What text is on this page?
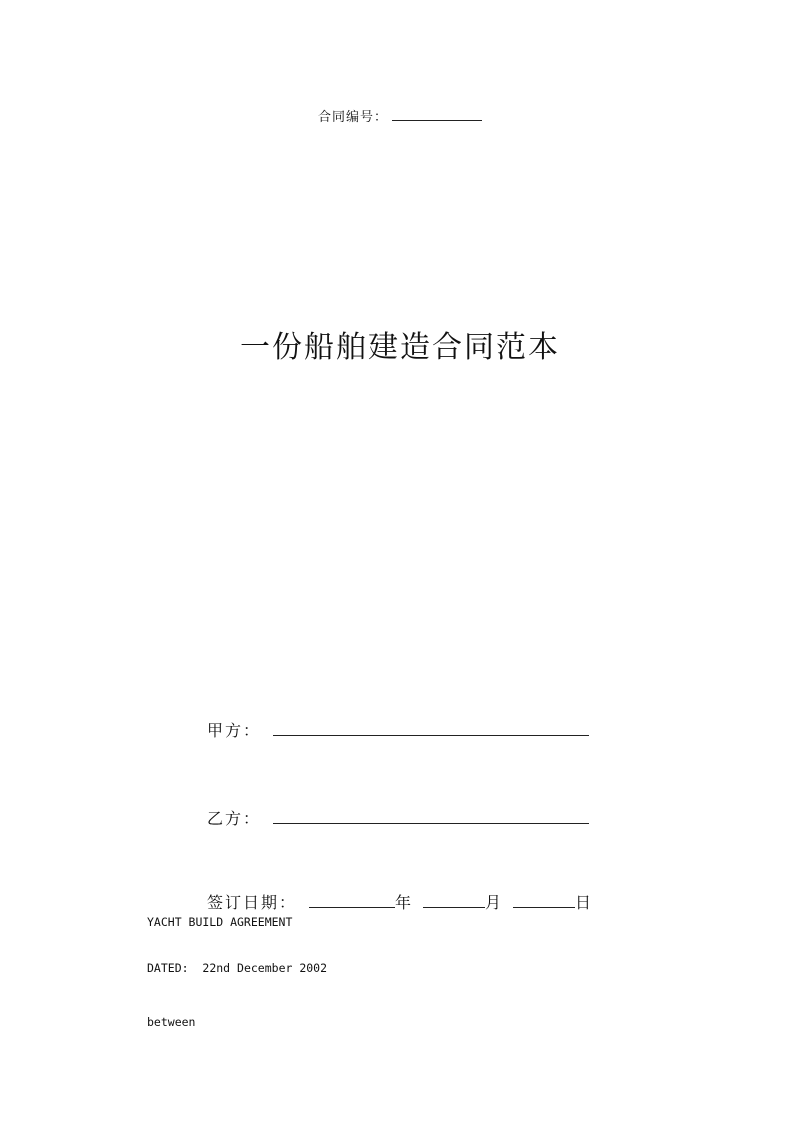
合同编号：
一份船舶建造合同范本
甲方：
乙方：
签订日期：	年	月	日
YACHT BUILD AGREEMENT
DATED: 22nd December 2002
between
